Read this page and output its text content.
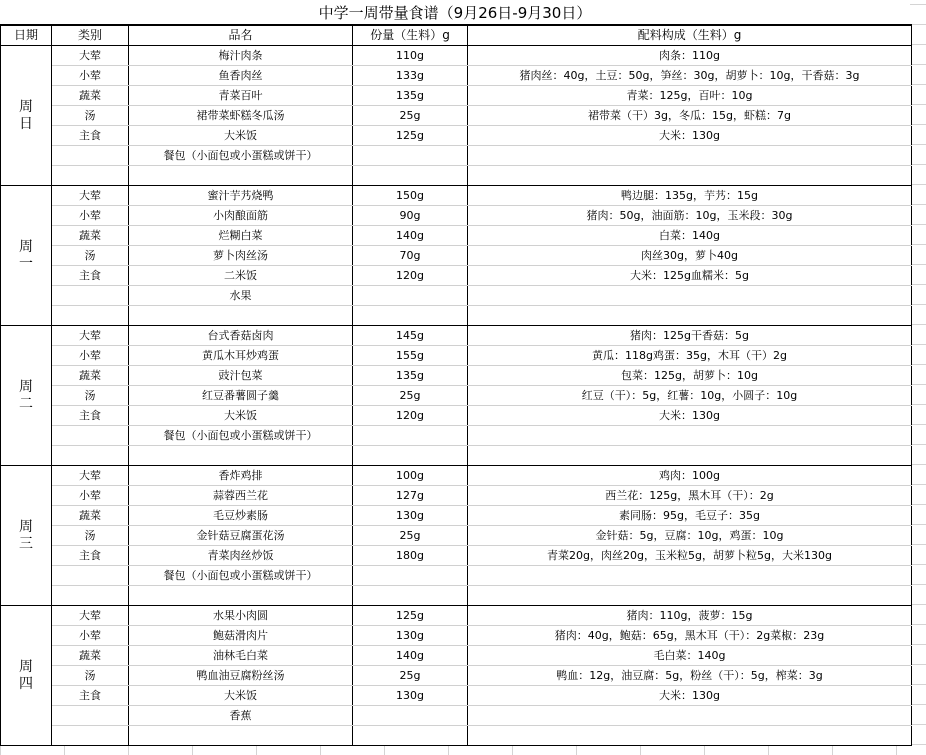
中学一周带量食谱（9月26日-9月30日）
日期	类别	品名	份量（生料）g	配料构成（生料）g
周日	大荤	梅汁肉条	110g	肉条：110g
	小荤	鱼香肉丝	133g	猪肉丝：40g，土豆：50g，笋丝：30g，胡萝卜：10g，干香菇：3g
	蔬菜	青菜百叶	135g	青菜：125g，百叶：10g
	汤	裙带菜虾糕冬瓜汤	25g	裙带菜（干）3g，冬瓜：15g，虾糕：7g
	主食	大米饭	125g	大米：130g
		餐包（小面包或小蛋糕或饼干）		

周一	大荤	蜜汁芋艿烧鸭	150g	鸭边腿：135g，芋艿：15g
	小荤	小肉酿面筋	90g	猪肉：50g，油面筋：10g，玉米段：30g
	蔬菜	烂糊白菜	140g	白菜：140g
	汤	萝卜肉丝汤	70g	肉丝30g，萝卜40g
	主食	二米饭	120g	大米：125g血糯米：5g
		水果		

周二	大荤	台式香菇卤肉	145g	猪肉：125g干香菇：5g
	小荤	黄瓜木耳炒鸡蛋	155g	黄瓜：118g鸡蛋：35g，木耳（干）2g
	蔬菜	豉汁包菜	135g	包菜：125g，胡萝卜：10g
	汤	红豆番薯圆子羹	25g	红豆（干）：5g，红薯：10g，小圆子：10g
	主食	大米饭	120g	大米：130g
		餐包（小面包或小蛋糕或饼干）		

周三	大荤	香炸鸡排	100g	鸡肉：100g
	小荤	蒜蓉西兰花	127g	西兰花：125g，黑木耳（干）：2g
	蔬菜	毛豆炒素肠	130g	素同肠：95g，毛豆子：35g
	汤	金针菇豆腐蛋花汤	25g	金针菇：5g，豆腐：10g，鸡蛋：10g
	主食	青菜肉丝炒饭	180g	青菜20g，肉丝20g，玉米粒5g，胡萝卜粒5g，大米130g
		餐包（小面包或小蛋糕或饼干）		

周四	大荤	水果小肉圆	125g	猪肉：110g，菠萝：15g
	小荤	鲍菇滑肉片	130g	猪肉：40g，鲍菇：65g，黑木耳（干）：2g菜椒：23g
	蔬菜	油林毛白菜	140g	毛白菜：140g
	汤	鸭血油豆腐粉丝汤	25g	鸭血：12g，油豆腐：5g，粉丝（干）：5g，榨菜：3g
	主食	大米饭	130g	大米：130g
		香蕉		
